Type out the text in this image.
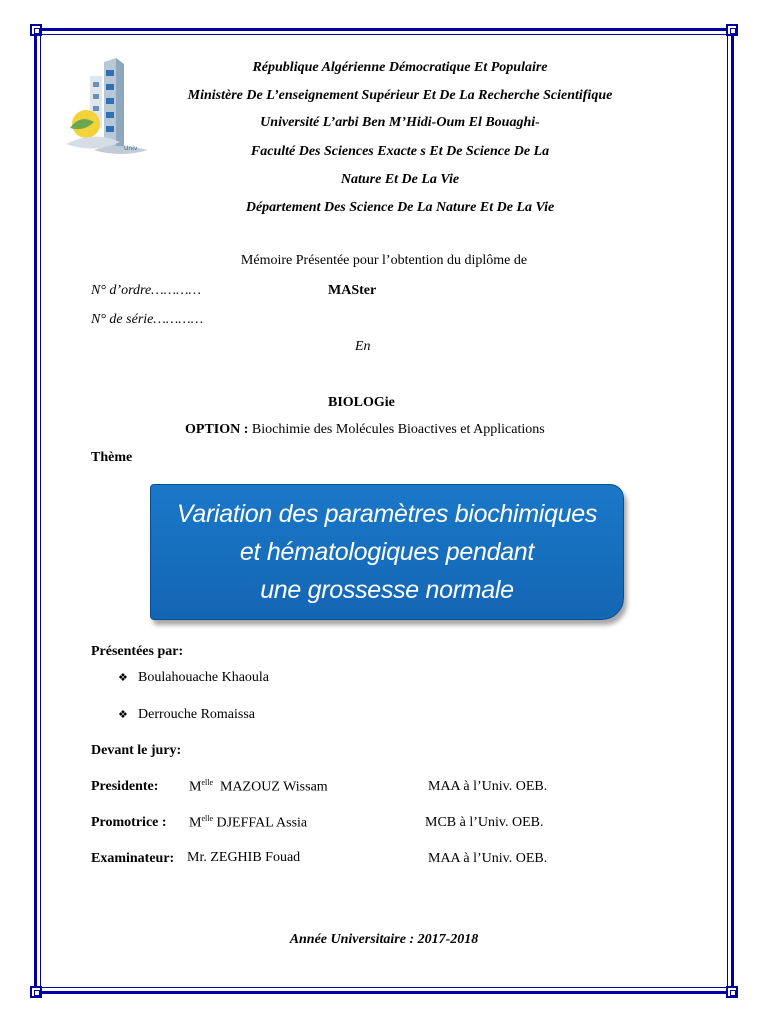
Univ
République Algérienne Démocratique Et Populaire
Ministère De L’enseignement Supérieur Et De La Recherche Scientifique
Université L’arbi Ben M’Hidi-Oum El Bouaghi-
Faculté Des Sciences Exacte s Et De Science De La
Nature Et De La Vie
Département Des Science De La Nature Et De La Vie
Mémoire Présentée pour l’obtention du diplôme de
N° d’ordre…………	MASter
N° de série…………
En
BIOLOGie
OPTION : Biochimie des Molécules Bioactives et Applications
Thème
Variation des paramètres biochimiques
et hématologiques pendant
une grossesse normale
Présentées par:
❖ Boulahouache Khaoula
❖ Derrouche Romaissa
Devant le jury:
Presidente: $M^{elle}$ MAZOUZ Wissam	MAA à l’Univ. OEB.
Promotrice : $M^{elle}$ DJEFFAL Assia	MCB à l’Univ. OEB.
Examinateur: Mr. ZEGHIB Fouad	MAA à l’Univ. OEB.
Année Universitaire : 2017-2018
